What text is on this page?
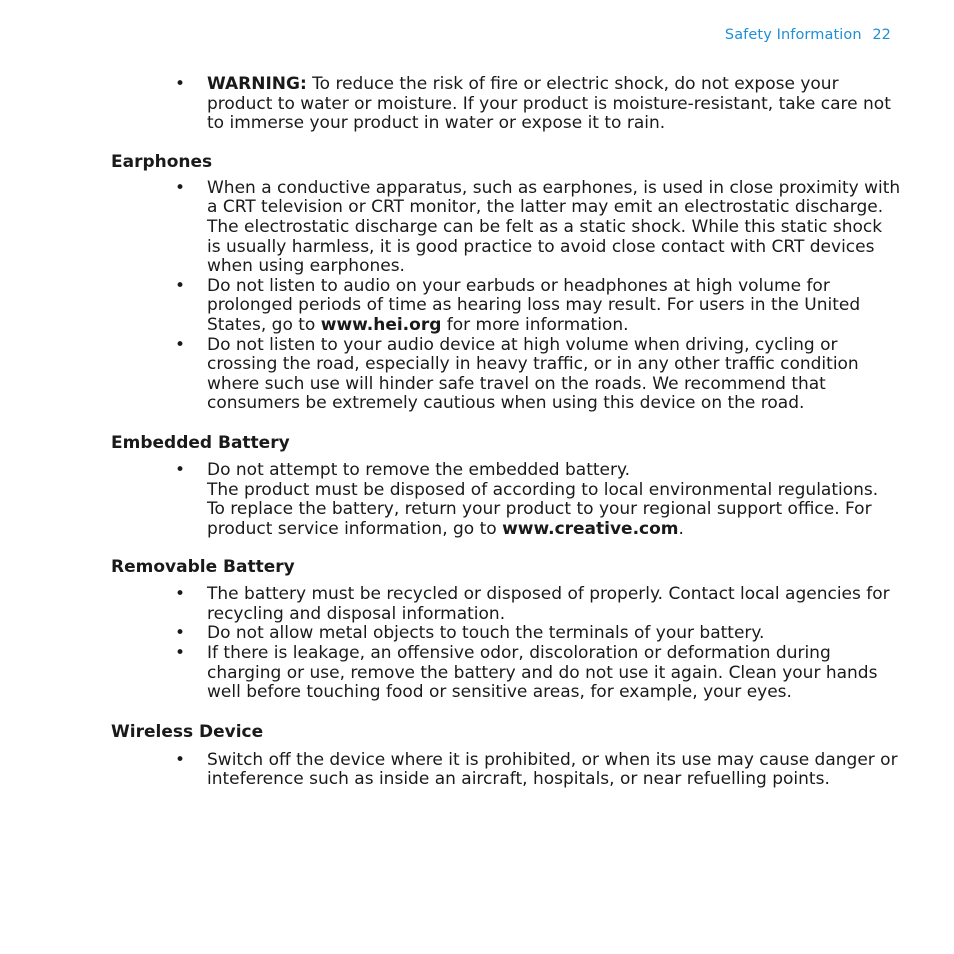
Safety Information 22
• WARNING: To reduce the risk of fire or electric shock, do not expose your product to water or moisture. If your product is moisture-resistant, take care not to immerse your product in water or expose it to rain.
Earphones
• When a conductive apparatus, such as earphones, is used in close proximity with a CRT television or CRT monitor, the latter may emit an electrostatic discharge. The electrostatic discharge can be felt as a static shock. While this static shock is usually harmless, it is good practice to avoid close contact with CRT devices when using earphones.
• Do not listen to audio on your earbuds or headphones at high volume for prolonged periods of time as hearing loss may result. For users in the United States, go to www.hei.org for more information.
• Do not listen to your audio device at high volume when driving, cycling or crossing the road, especially in heavy traffic, or in any other traffic condition where such use will hinder safe travel on the roads. We recommend that consumers be extremely cautious when using this device on the road.
Embedded Battery
• Do not attempt to remove the embedded battery.
The product must be disposed of according to local environmental regulations. To replace the battery, return your product to your regional support office. For product service information, go to www.creative.com.
Removable Battery
• The battery must be recycled or disposed of properly. Contact local agencies for recycling and disposal information.
• Do not allow metal objects to touch the terminals of your battery.
• If there is leakage, an offensive odor, discoloration or deformation during charging or use, remove the battery and do not use it again. Clean your hands well before touching food or sensitive areas, for example, your eyes.
Wireless Device
• Switch off the device where it is prohibited, or when its use may cause danger or inteference such as inside an aircraft, hospitals, or near refuelling points.
